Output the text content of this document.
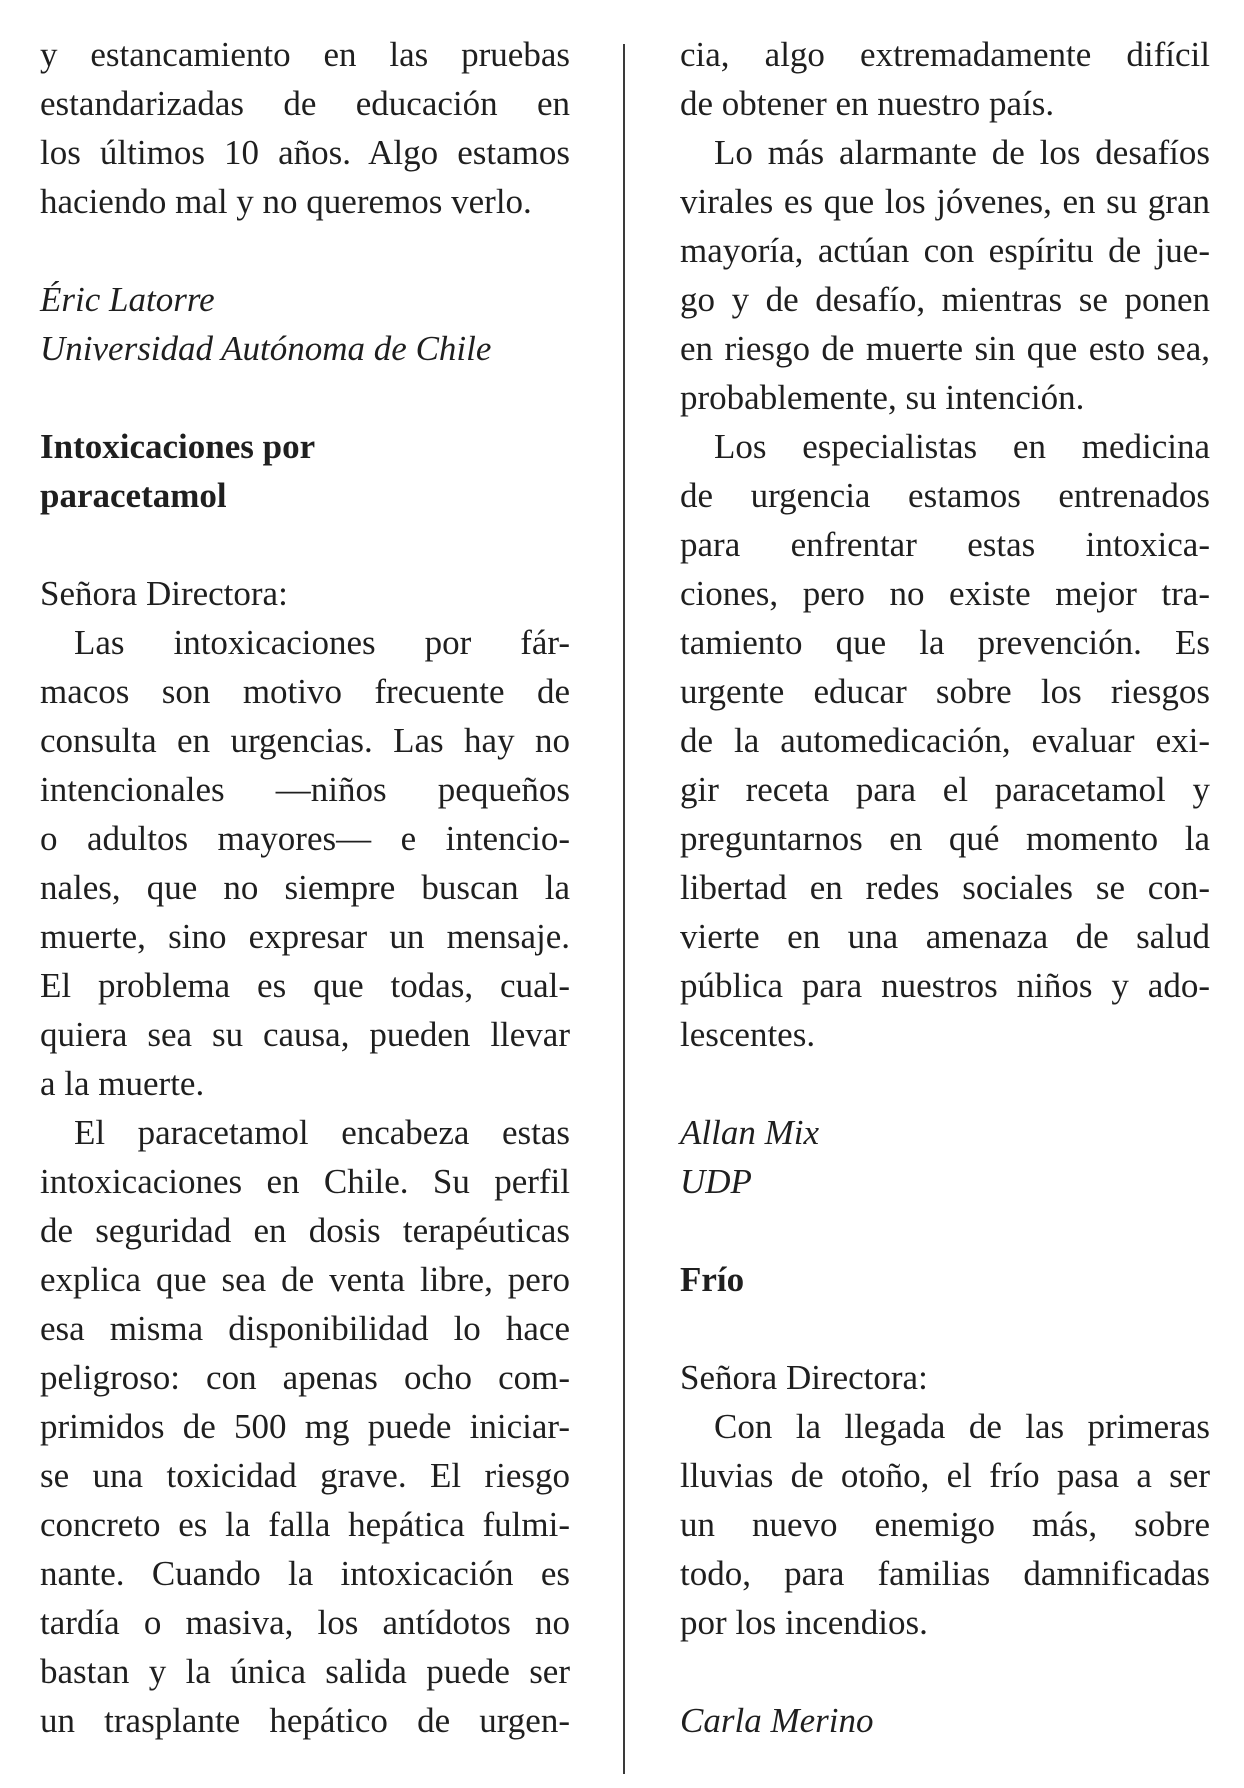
y estancamiento en las pruebas
estandarizadas de educación en
los últimos 10 años. Algo estamos
haciendo mal y no queremos verlo.
Éric Latorre
Universidad Autónoma de Chile
Intoxicaciones por
paracetamol
Señora Directora:
Las intoxicaciones por fár-
macos son motivo frecuente de
consulta en urgencias. Las hay no
intencionales —niños pequeños
o adultos mayores— e intencio-
nales, que no siempre buscan la
muerte, sino expresar un mensaje.
El problema es que todas, cual-
quiera sea su causa, pueden llevar
a la muerte.
El paracetamol encabeza estas
intoxicaciones en Chile. Su perfil
de seguridad en dosis terapéuticas
explica que sea de venta libre, pero
esa misma disponibilidad lo hace
peligroso: con apenas ocho com-
primidos de 500 mg puede iniciar-
se una toxicidad grave. El riesgo
concreto es la falla hepática fulmi-
nante. Cuando la intoxicación es
tardía o masiva, los antídotos no
bastan y la única salida puede ser
un trasplante hepático de urgen-
cia, algo extremadamente difícil
de obtener en nuestro país.
Lo más alarmante de los desafíos
virales es que los jóvenes, en su gran
mayoría, actúan con espíritu de jue-
go y de desafío, mientras se ponen
en riesgo de muerte sin que esto sea,
probablemente, su intención.
Los especialistas en medicina
de urgencia estamos entrenados
para enfrentar estas intoxica-
ciones, pero no existe mejor tra-
tamiento que la prevención. Es
urgente educar sobre los riesgos
de la automedicación, evaluar exi-
gir receta para el paracetamol y
preguntarnos en qué momento la
libertad en redes sociales se con-
vierte en una amenaza de salud
pública para nuestros niños y ado-
lescentes.
Allan Mix
UDP
Frío
Señora Directora:
Con la llegada de las primeras
lluvias de otoño, el frío pasa a ser
un nuevo enemigo más, sobre
todo, para familias damnificadas
por los incendios.
Carla Merino
